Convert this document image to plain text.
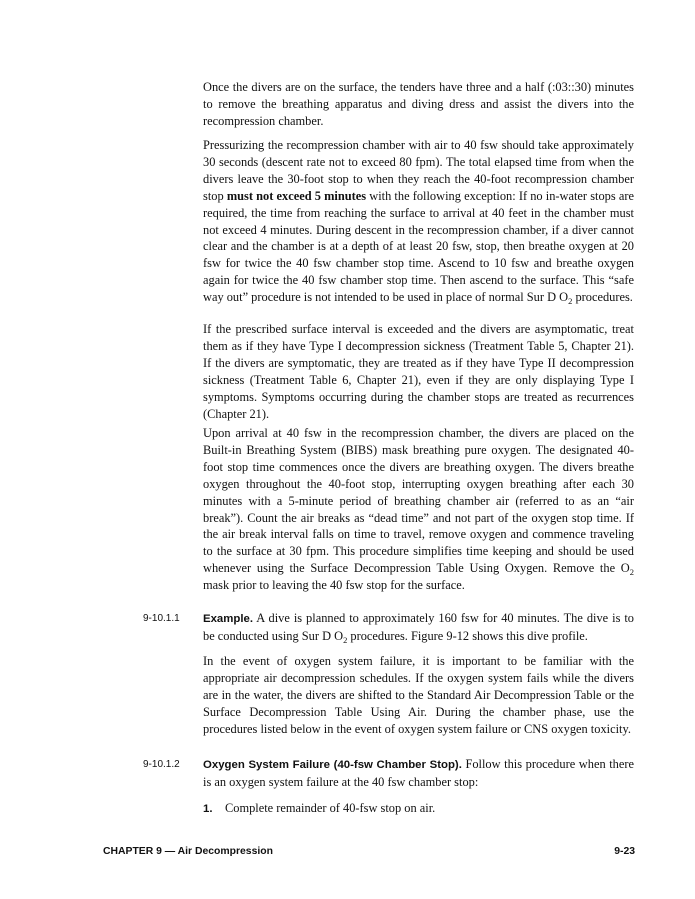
Once the divers are on the surface, the tenders have three and a half (:03::30) minutes to remove the breathing apparatus and diving dress and assist the divers into the recompression chamber.

Pressurizing the recompression chamber with air to 40 fsw should take approximately 30 seconds (descent rate not to exceed 80 fpm). The total elapsed time from when the divers leave the 30-foot stop to when they reach the 40-foot recompression chamber stop must not exceed 5 minutes with the following exception: If no in-water stops are required, the time from reaching the surface to arrival at 40 feet in the chamber must not exceed 4 minutes. During descent in the recompression chamber, if a diver cannot clear and the chamber is at a depth of at least 20 fsw, stop, then breathe oxygen at 20 fsw for twice the 40 fsw chamber stop time. Ascend to 10 fsw and breathe oxygen again for twice the 40 fsw chamber stop time. Then ascend to the surface. This “safe way out” procedure is not intended to be used in place of normal Sur D $O_2$ procedures.

If the prescribed surface interval is exceeded and the divers are asymptomatic, treat them as if they have Type I decompression sickness (Treatment Table 5, Chapter 21). If the divers are symptomatic, they are treated as if they have Type II decompression sickness (Treatment Table 6, Chapter 21), even if they are only displaying Type I symptoms. Symptoms occurring during the chamber stops are treated as recurrences (Chapter 21).

Upon arrival at 40 fsw in the recompression chamber, the divers are placed on the Built-in Breathing System (BIBS) mask breathing pure oxygen. The designated 40-foot stop time commences once the divers are breathing oxygen. The divers breathe oxygen throughout the 40-foot stop, interrupting oxygen breathing after each 30 minutes with a 5-minute period of breathing chamber air (referred to as an “air break”). Count the air breaks as “dead time” and not part of the oxygen stop time. If the air break interval falls on time to travel, remove oxygen and commence traveling to the surface at 30 fpm. This procedure simplifies time keeping and should be used whenever using the Surface Decompression Table Using Oxygen. Remove the $O_2$ mask prior to leaving the 40 fsw stop for the surface.

9-10.1.1 Example. A dive is planned to approximately 160 fsw for 40 minutes. The dive is to be conducted using Sur D $O_2$ procedures. Figure 9-12 shows this dive profile.

In the event of oxygen system failure, it is important to be familiar with the appropriate air decompression schedules. If the oxygen system fails while the divers are in the water, the divers are shifted to the Standard Air Decompression Table or the Surface Decompression Table Using Air. During the chamber phase, use the procedures listed below in the event of oxygen system failure or CNS oxygen toxicity.

9-10.1.2 Oxygen System Failure (40-fsw Chamber Stop). Follow this procedure when there is an oxygen system failure at the 40 fsw chamber stop:

1. Complete remainder of 40-fsw stop on air.

CHAPTER 9 — Air Decompression	9-23
